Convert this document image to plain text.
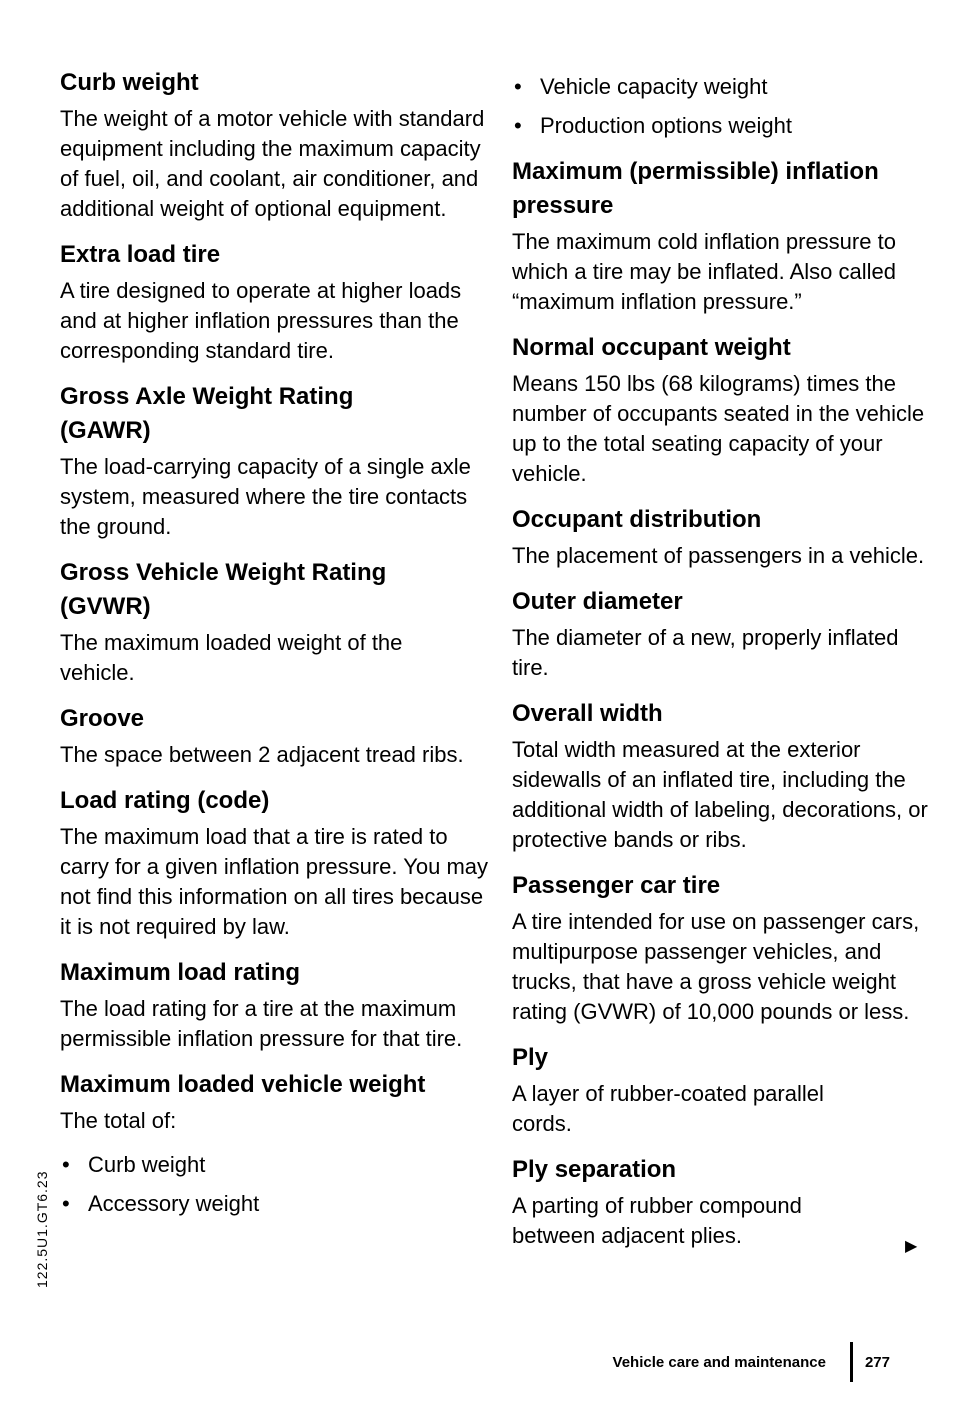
Curb weight

The weight of a motor vehicle with standard equipment including the maximum capacity of fuel, oil, and coolant, air conditioner, and additional weight of optional equipment.

Extra load tire

A tire designed to operate at higher loads and at higher inflation pressures than the corresponding standard tire.

Gross Axle Weight Rating (GAWR)

The load-carrying capacity of a single axle system, measured where the tire contacts the ground.

Gross Vehicle Weight Rating (GVWR)

The maximum loaded weight of the vehicle.

Groove

The space between 2 adjacent tread ribs.

Load rating (code)

The maximum load that a tire is rated to carry for a given inflation pressure. You may not find this information on all tires because it is not required by law.

Maximum load rating

The load rating for a tire at the maximum permissible inflation pressure for that tire.

Maximum loaded vehicle weight

The total of:

• Curb weight
• Accessory weight
• Vehicle capacity weight
• Production options weight
Maximum (permissible) inflation pressure

The maximum cold inflation pressure to which a tire may be inflated. Also called “maximum inflation pressure.”

Normal occupant weight

Means 150 lbs (68 kilograms) times the number of occupants seated in the vehicle up to the total seating capacity of your vehicle.

Occupant distribution

The placement of passengers in a vehicle.

Outer diameter

The diameter of a new, properly inflated tire.

Overall width

Total width measured at the exterior sidewalls of an inflated tire, including the additional width of labeling, decorations, or protective bands or ribs.

Passenger car tire

A tire intended for use on passenger cars, multipurpose passenger vehicles, and trucks, that have a gross vehicle weight rating (GVWR) of 10,000 pounds or less.

Ply

A layer of rubber-coated parallel cords.

Ply separation

A parting of rubber compound between adjacent plies.	▶
122.5U1.GT6.23
Vehicle care and maintenance	277
